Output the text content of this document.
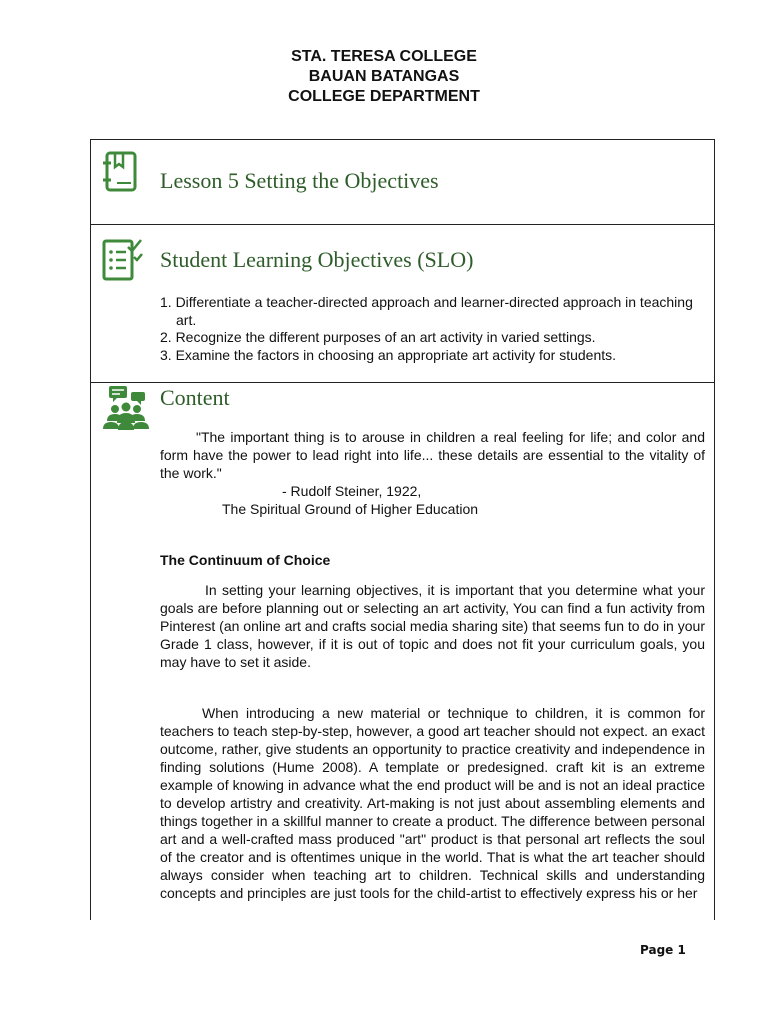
STA. TERESA COLLEGE
BAUAN BATANGAS
COLLEGE DEPARTMENT
Lesson 5 Setting the Objectives
Student Learning Objectives (SLO)
1. Differentiate a teacher-directed approach and learner-directed approach in teaching art.
2. Recognize the different purposes of an art activity in varied settings.
3. Examine the factors in choosing an appropriate art activity for students.
Content

"The important thing is to arouse in children a real feeling for life; and color and form have the power to lead right into life... these details are essential to the vitality of the work."

- Rudolf Steiner, 1922,

The Spiritual Ground of Higher Education

The Continuum of Choice

In setting your learning objectives, it is important that you determine what your goals are before planning out or selecting an art activity, You can find a fun activity from Pinterest (an online art and crafts social media sharing site) that seems fun to do in your Grade 1 class, however, if it is out of topic and does not fit your curriculum goals, you may have to set it aside.

When introducing a new material or technique to children, it is common for teachers to teach step-by-step, however, a good art teacher should not expect. an exact outcome, rather, give students an opportunity to practice creativity and independence in finding solutions (Hume 2008). A template or predesigned. craft kit is an extreme example of knowing in advance what the end product will be and is not an ideal practice to develop artistry and creativity. Art-making is not just about assembling elements and things together in a skillful manner to create a product. The difference between personal art and a well-crafted mass produced "art" product is that personal art reflects the soul of the creator and is oftentimes unique in the world. That is what the art teacher should always consider when teaching art to children. Technical skills and understanding concepts and principles are just tools for the child-artist to effectively express his or her

Page 1
